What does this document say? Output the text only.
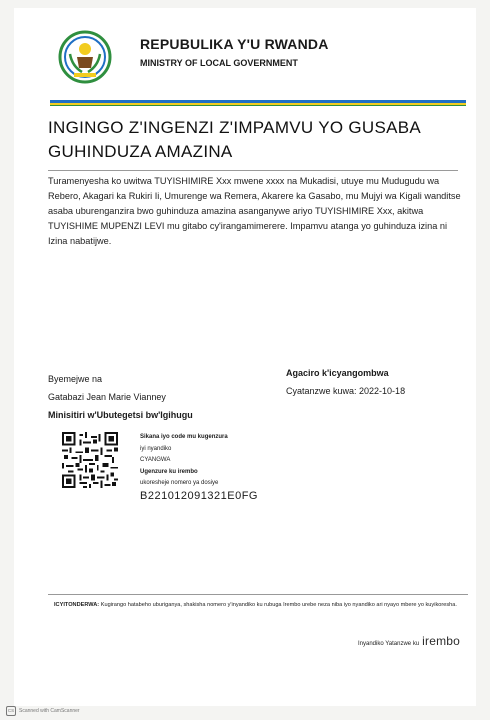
REPUBULIKA Y'U RWANDA
MINISTRY OF LOCAL GOVERNMENT
INGINGO Z'INGENZI Z'IMPAMVU YO GUSABA
GUHINDUZA AMAZINA
Turamenyesha ko uwitwa TUYISHIMIRE Xxx mwene xxxx na Mukadisi, utuye mu Mudugudu wa Rebero, Akagari ka Rukiri Ii, Umurenge wa Remera, Akarere ka Gasabo, mu Mujyi wa Kigali wanditse asaba uburenganzira bwo guhinduza amazina asanganywe ariyo TUYISHIMIRE Xxx, akitwa TUYISHIME MUPENZI LEVI mu gitabo cy'irangamimerere. Impamvu atanga yo guhinduza izina ni Izina nabatijwe.
Byemejwe na
Gatabazi Jean Marie Vianney
Minisitiri w'Ubutegetsi bw'Igihugu
Agaciro k'icyangombwa
Cyatanzwe kuwa: 2022-10-18
Sikana iyo code mu kugenzura
iyi nyandiko
CYANGWA
Ugenzure ku irembo
ukoresheje nomero ya dosiye
B221012091321E0FG
ICYITONDERWA: Kugirango hatabeho uburiganya, shakisha nomero y'inyandiko ku rubuga Irembo urebe neza niba iyo nyandiko ari nyayo mbere yo kuyikoresha.
Inyandiko Yatanzwe ku irembo
CS Scanned with CamScanner
